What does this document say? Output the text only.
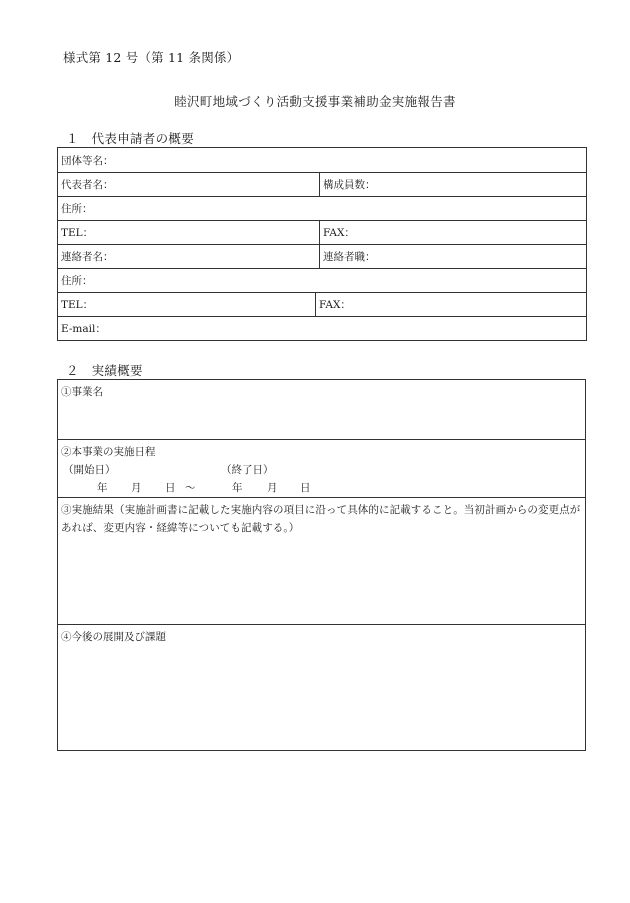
様式第 12 号（第 11 条関係）
睦沢町地域づくり活動支援事業補助金実施報告書
１　代表申請者の概要
団体等名：		
代表者名：		構成員数：
住所：		
TEL：		FAX：
連絡者名：		連絡者職：
住所：		
TEL：	FAX：	
E-mail：		
２　実績概要
①事業名

②本事業の実施日程
（開始日）	（終了日）
年 月 日 ～	年 月 日

③実施結果（実施計画書に記載した実施内容の項目に沿って具体的に記載すること。当初計画からの変更点があれば、変更内容・経緯等についても記載する。）

④今後の展開及び課題
